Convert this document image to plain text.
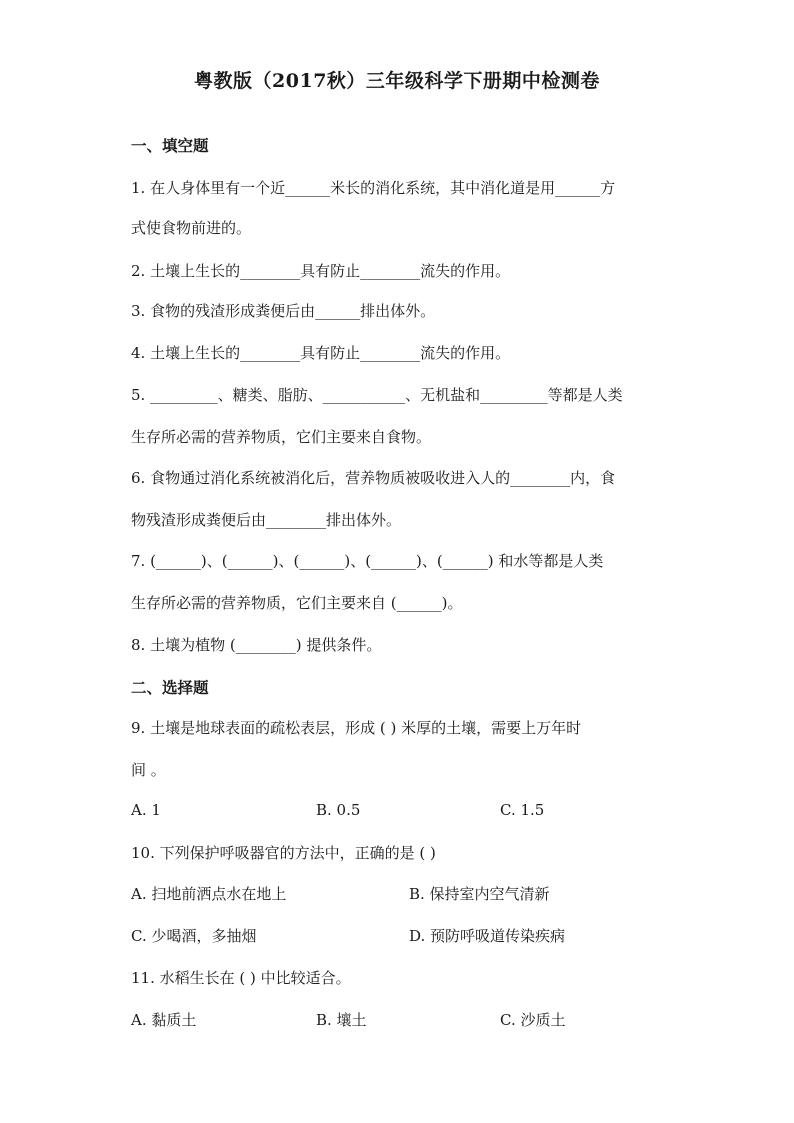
粤教版（2017秋）三年级科学下册期中检测卷
一、填空题
1. 在人身体里有一个近______米长的消化系统，其中消化道是用______方
式使食物前进的。
2. 土壤上生长的________具有防止________流失的作用。
3. 食物的残渣形成粪便后由______排出体外。
4. 土壤上生长的________具有防止________流失的作用。
5. _________、糖类、脂肪、___________、无机盐和_________等都是人类
生存所必需的营养物质，它们主要来自食物。
6. 食物通过消化系统被消化后，营养物质被吸收进入人的________内，食
物残渣形成粪便后由________排出体外。
7. (______)、(______)、(______)、(______)、(______) 和水等都是人类
生存所必需的营养物质，它们主要来自 (______)。
8. 土壤为植物 (________) 提供条件。
二、选择题
9. 土壤是地球表面的疏松表层，形成 ( ) 米厚的土壤，需要上万年时
间 。
A. 1	B. 0.5	C. 1.5
10. 下列保护呼吸器官的方法中，正确的是 ( )
A. 扫地前洒点水在地上	B. 保持室内空气清新
C. 少喝酒，多抽烟	D. 预防呼吸道传染疾病
11. 水稻生长在 ( ) 中比较适合。
A. 黏质土	B. 壤土	C. 沙质土
